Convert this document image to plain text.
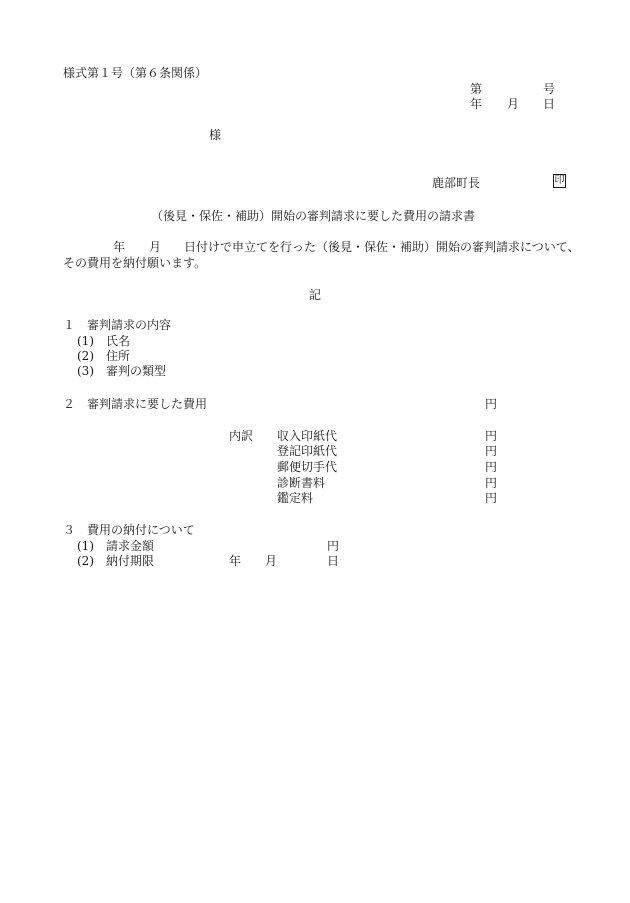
様式第１号（第６条関係）
第	号
年 月 日
様
鹿部町長	印
（後見・保佐・補助）開始の審判請求に要した費用の請求書
年 月 日付けで申立てを行った（後見・保佐・補助）開始の審判請求について、
その費用を納付願います。
記
１　審判請求の内容
(1) 氏名
(2) 住所
(3) 審判の類型
２　審判請求に要した費用	円
内訳 収入印紙代	円
登記印紙代	円
郵便切手代	円
診断書料	円
鑑定料	円
３　費用の納付について
(1) 請求金額	円
(2) 納付期限	年 月	日
